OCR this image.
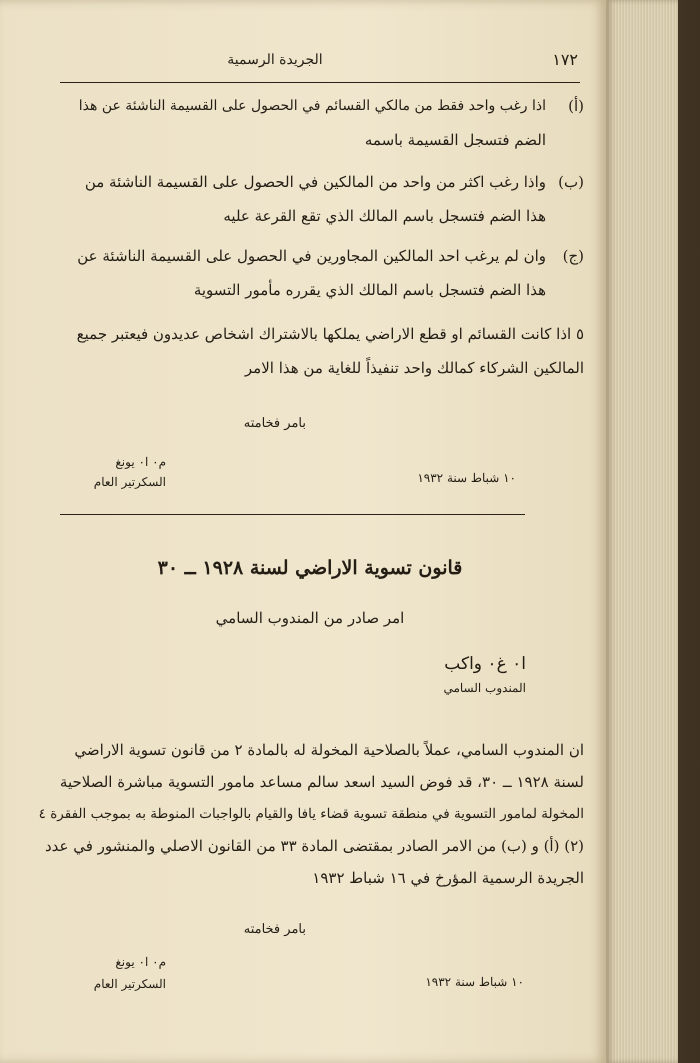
١٧٢
الجريدة الرسمية
(أ)
اذا رغب واحد فقط من مالكي القسائم في الحصول على القسيمة الناشئة عن هذا
الضم فتسجل القسيمة باسمه
(ب)
واذا رغب اكثر من واحد من المالكين في الحصول على القسيمة الناشئة من
هذا الضم فتسجل باسم المالك الذي تقع القرعة عليه
(ج)
وان لم يرغب احد المالكين المجاورين في الحصول على القسيمة الناشئة عن
هذا الضم فتسجل باسم المالك الذي يقرره مأمور التسوية
٥ اذا كانت القسائم او قطع الاراضي يملكها بالاشتراك اشخاص عديدون فيعتبر جميع
المالكين الشركاء كمالك واحد تنفيذاً للغاية من هذا الامر
بامر فخامته
م٠ ا٠ يونغ
السكرتير العام	١٠ شباط سنة ١٩٣٢
قانون تسوية الاراضي لسنة ١٩٢٨ ــ ٣٠
امر صادر من المندوب السامي
ا٠ غ٠ واكب
المندوب السامي
ان المندوب السامي، عملاً بالصلاحية المخولة له بالمادة ٢ من قانون تسوية الاراضي
لسنة ١٩٢٨ ــ ٣٠، قد فوض السيد اسعد سالم مساعد مامور التسوية مباشرة الصلاحية
المخولة لمامور التسوية في منطقة تسوية قضاء يافا والقيام بالواجبات المنوطة به بموجب الفقرة ٤
(٢) (أ) و (ب) من الامر الصادر بمقتضى المادة ٣٣ من القانون الاصلي والمنشور في عدد
الجريدة الرسمية المؤرخ في ١٦ شباط ١٩٣٢
بامر فخامته
م٠ ا٠ يونغ
السكرتير العام	١٠ شباط سنة ١٩٣٢
